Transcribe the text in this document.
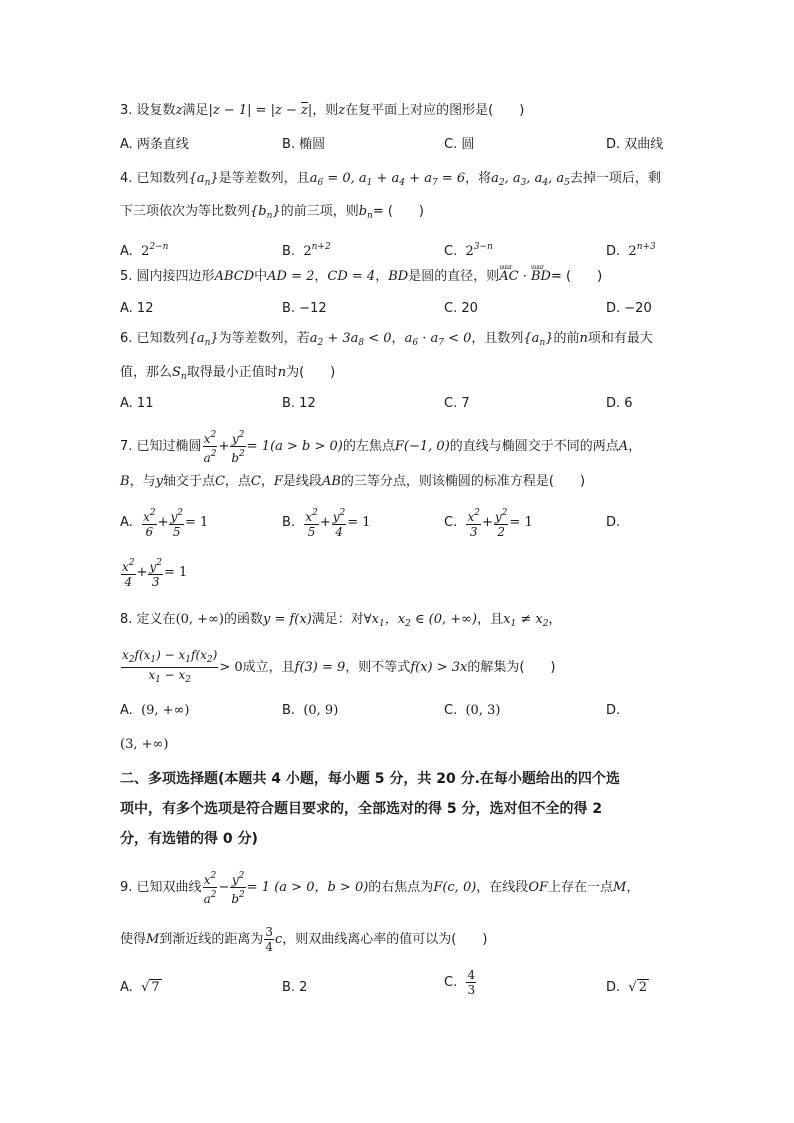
3. 设复数z满足$|z - 1| = |z - \overline{z}|$，则z在复平面上对应的图形是(　　)
A. 两条直线	B. 椭圆	C. 圆	D. 双曲线
4. 已知数列$\{a_n\}$是等差数列，且$a_6 = 0$, $a_1 + a_4 + a_7 = 6$，将$a_2$, $a_3$, $a_4$, $a_5$去掉一项后，剩
下三项依次为等比数列$\{b_n\}$的前三项，则$b_n=$ (　　)
A. $2^{2-n}$	B. $2^{n+2}$	C. $2^{3-n}$	D. $2^{n+3}$
5. 圆内接四边形ABCD中AD = 2，CD = 4，BD是圆的直径，则uuur AC · uuur BD= (　　)
A. 12	B. −12	C. 20	D. −20
6. 已知数列$\{a_n\}$为等差数列，若$a_2 + 3a_8 < 0$，$a_6 \cdot a_7 < 0$，且数列$\{a_n\}$的前n项和有最大
值，那么$S_n$取得最小正值时n为(　　)
A. 11	B. 12	C. 7	D. 6
7. 已知过椭圆 $\frac{x^2}{a^2} + \frac{y^2}{b^2} = 1(a > b > 0)$的左焦点F(−1, 0)的直线与椭圆交于不同的两点A，
B，与y轴交于点C，点C，F是线段AB的三等分点，则该椭圆的标准方程是(　　)
A. $\frac{x^2}{6} + \frac{y^2}{5} = 1$	B. $\frac{x^2}{5} + \frac{y^2}{4} = 1$	C. $\frac{x^2}{3} + \frac{y^2}{2} = 1$	D.
$\frac{x^2}{4} + \frac{y^2}{3} = 1$
8. 定义在(0, +∞)的函数y = f(x)满足：对$\forall x_1$，$x_2$ ∈ (0, +∞)，且$x_1 \ne x_2$，
$\frac{x_2f(x_1) - x_1f(x_2)}{x_1 - x_2} > 0$成立，且f(3) = 9，则不等式f(x) > 3x的解集为(　　)
A. (9, +∞)	B. (0, 9)	C. (0, 3)	D.
(3, +∞)
二、多项选择题(本题共 4 小题，每小题 5 分，共 20 分.在每小题给出的四个选
项中，有多个选项是符合题目要求的，全部选对的得 5 分，选对但不全的得 2
分，有选错的得 0 分)
9. 已知双曲线 $\frac{x^2}{a^2} - \frac{y^2}{b^2} = 1$ (a > 0，b > 0)的右焦点为F(c, 0)，在线段OF上存在一点M，
使得M到渐近线的距离为 $\frac{3}{4}$ c，则双曲线离心率的值可以为(　　)
A. √ 7	B. 2	C. $\frac{4}{3}$	D. √ 2
